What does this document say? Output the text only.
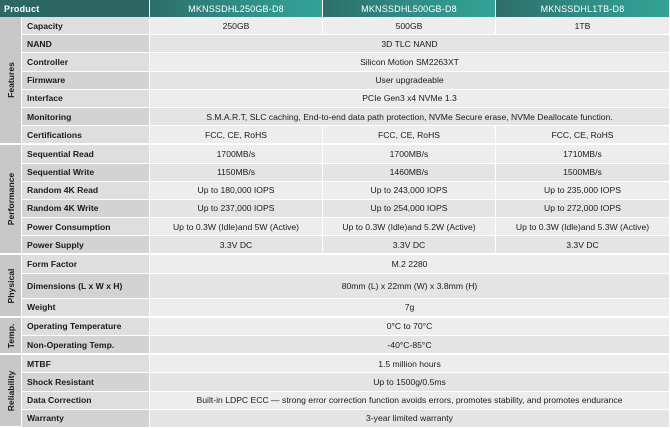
Product		MKNSSDHL250GB-D8	MKNSSDHL500GB-D8	MKNSSDHL1TB-D8

Features	Capacity	250GB	500GB	1TB
	NAND	3D TLC NAND		
	Controller	Silicon Motion SM2263XT		
	Firmware	User upgradeable		
	Interface	PCIe Gen3 x4 NVMe 1.3		
	Monitoring	S.M.A.R.T, SLC caching, End-to-end data path protection, NVMe Secure erase, NVMe Deallocate function.		
	Certifications	FCC, CE, RoHS	FCC, CE, RoHS	FCC, CE, RoHS

Performance	Sequential Read	1700MB/s	1700MB/s	1710MB/s
	Sequential Write	1150MB/s	1460MB/s	1500MB/s
	Random 4K Read	Up to 180,000 IOPS	Up to 243,000 IOPS	Up to 235,000 IOPS
	Random 4K Write	Up to 237,000 IOPS	Up to 254,000 IOPS	Up to 272,000 IOPS
	Power Consumption	Up to 0.3W (Idle)and 5W (Active)	Up to 0.3W (Idle)and 5.2W (Active)	Up to 0.3W (Idle)and 5.3W (Active)
	Power Supply	3.3V DC	3.3V DC	3.3V DC

Physical	Form Factor	M.2 2280		
	Dimensions (L x W x H)	80mm (L) x 22mm (W) x 3.8mm (H)		
	Weight	7g		

Temp.	Operating Temperature	0°C to 70°C		
	Non-Operating Temp.	-40°C-85°C		

Reliability	MTBF	1.5 million hours		
	Shock Resistant	Up to 1500g/0.5ms		
	Data Correction	Built-in LDPC ECC — strong error correction function avoids errors, promotes stability, and promotes endurance		
	Warranty	3-year limited warranty		
